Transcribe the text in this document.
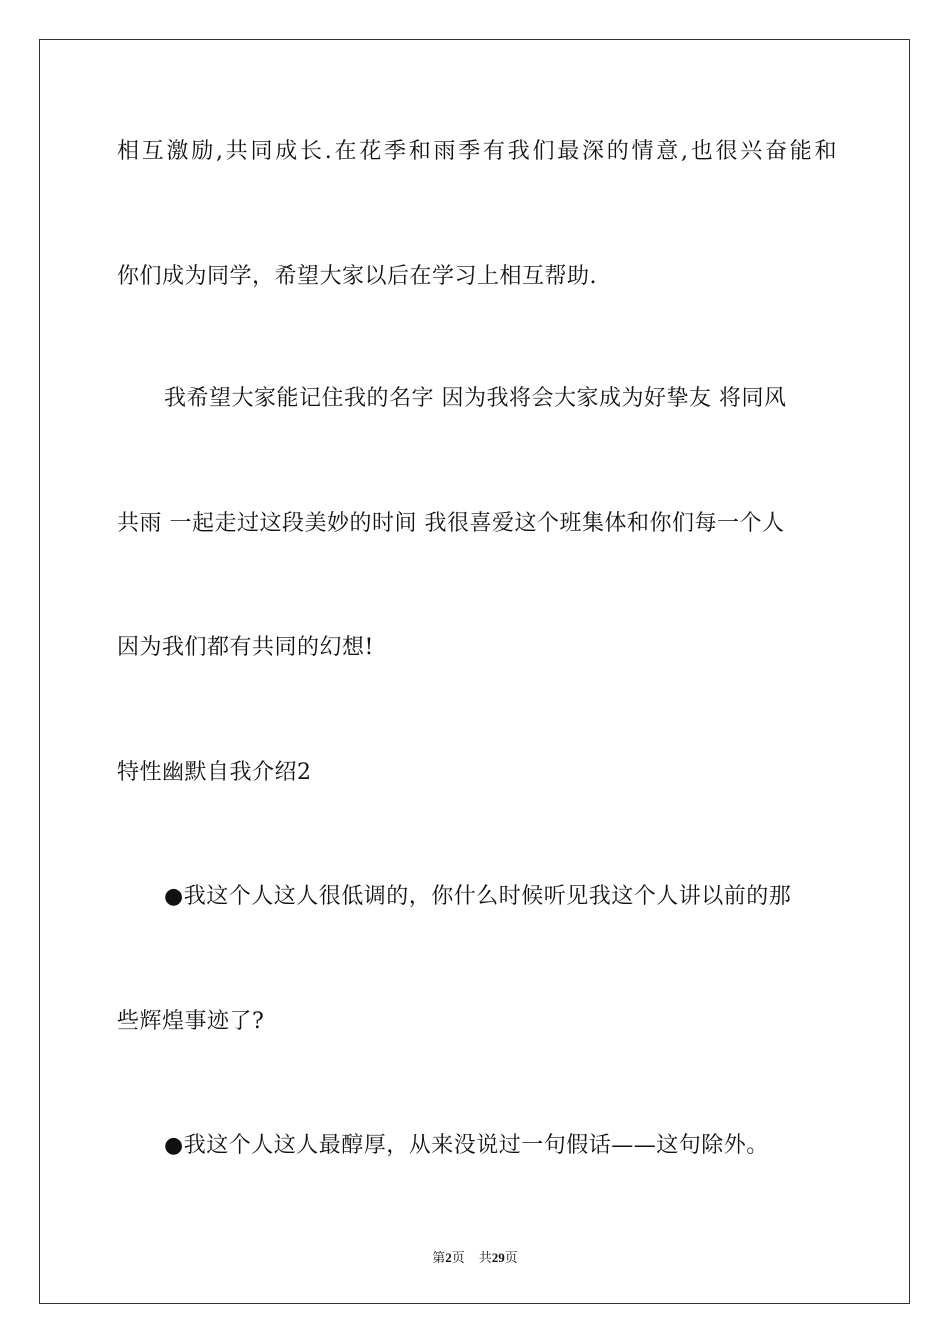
相互激励,共同成长.在花季和雨季有我们最深的情意,也很兴奋能和
你们成为同学，希望大家以后在学习上相互帮助.
我希望大家能记住我的名字 因为我将会大家成为好挚友 将同风
共雨 一起走过这段美妙的时间 我很喜爱这个班集体和你们每一个人
因为我们都有共同的幻想!
特性幽默自我介绍2
●我这个人这人很低调的，你什么时候听见我这个人讲以前的那
些辉煌事迹了?
●我这个人这人最醇厚，从来没说过一句假话——这句除外。
第2页 共29页
